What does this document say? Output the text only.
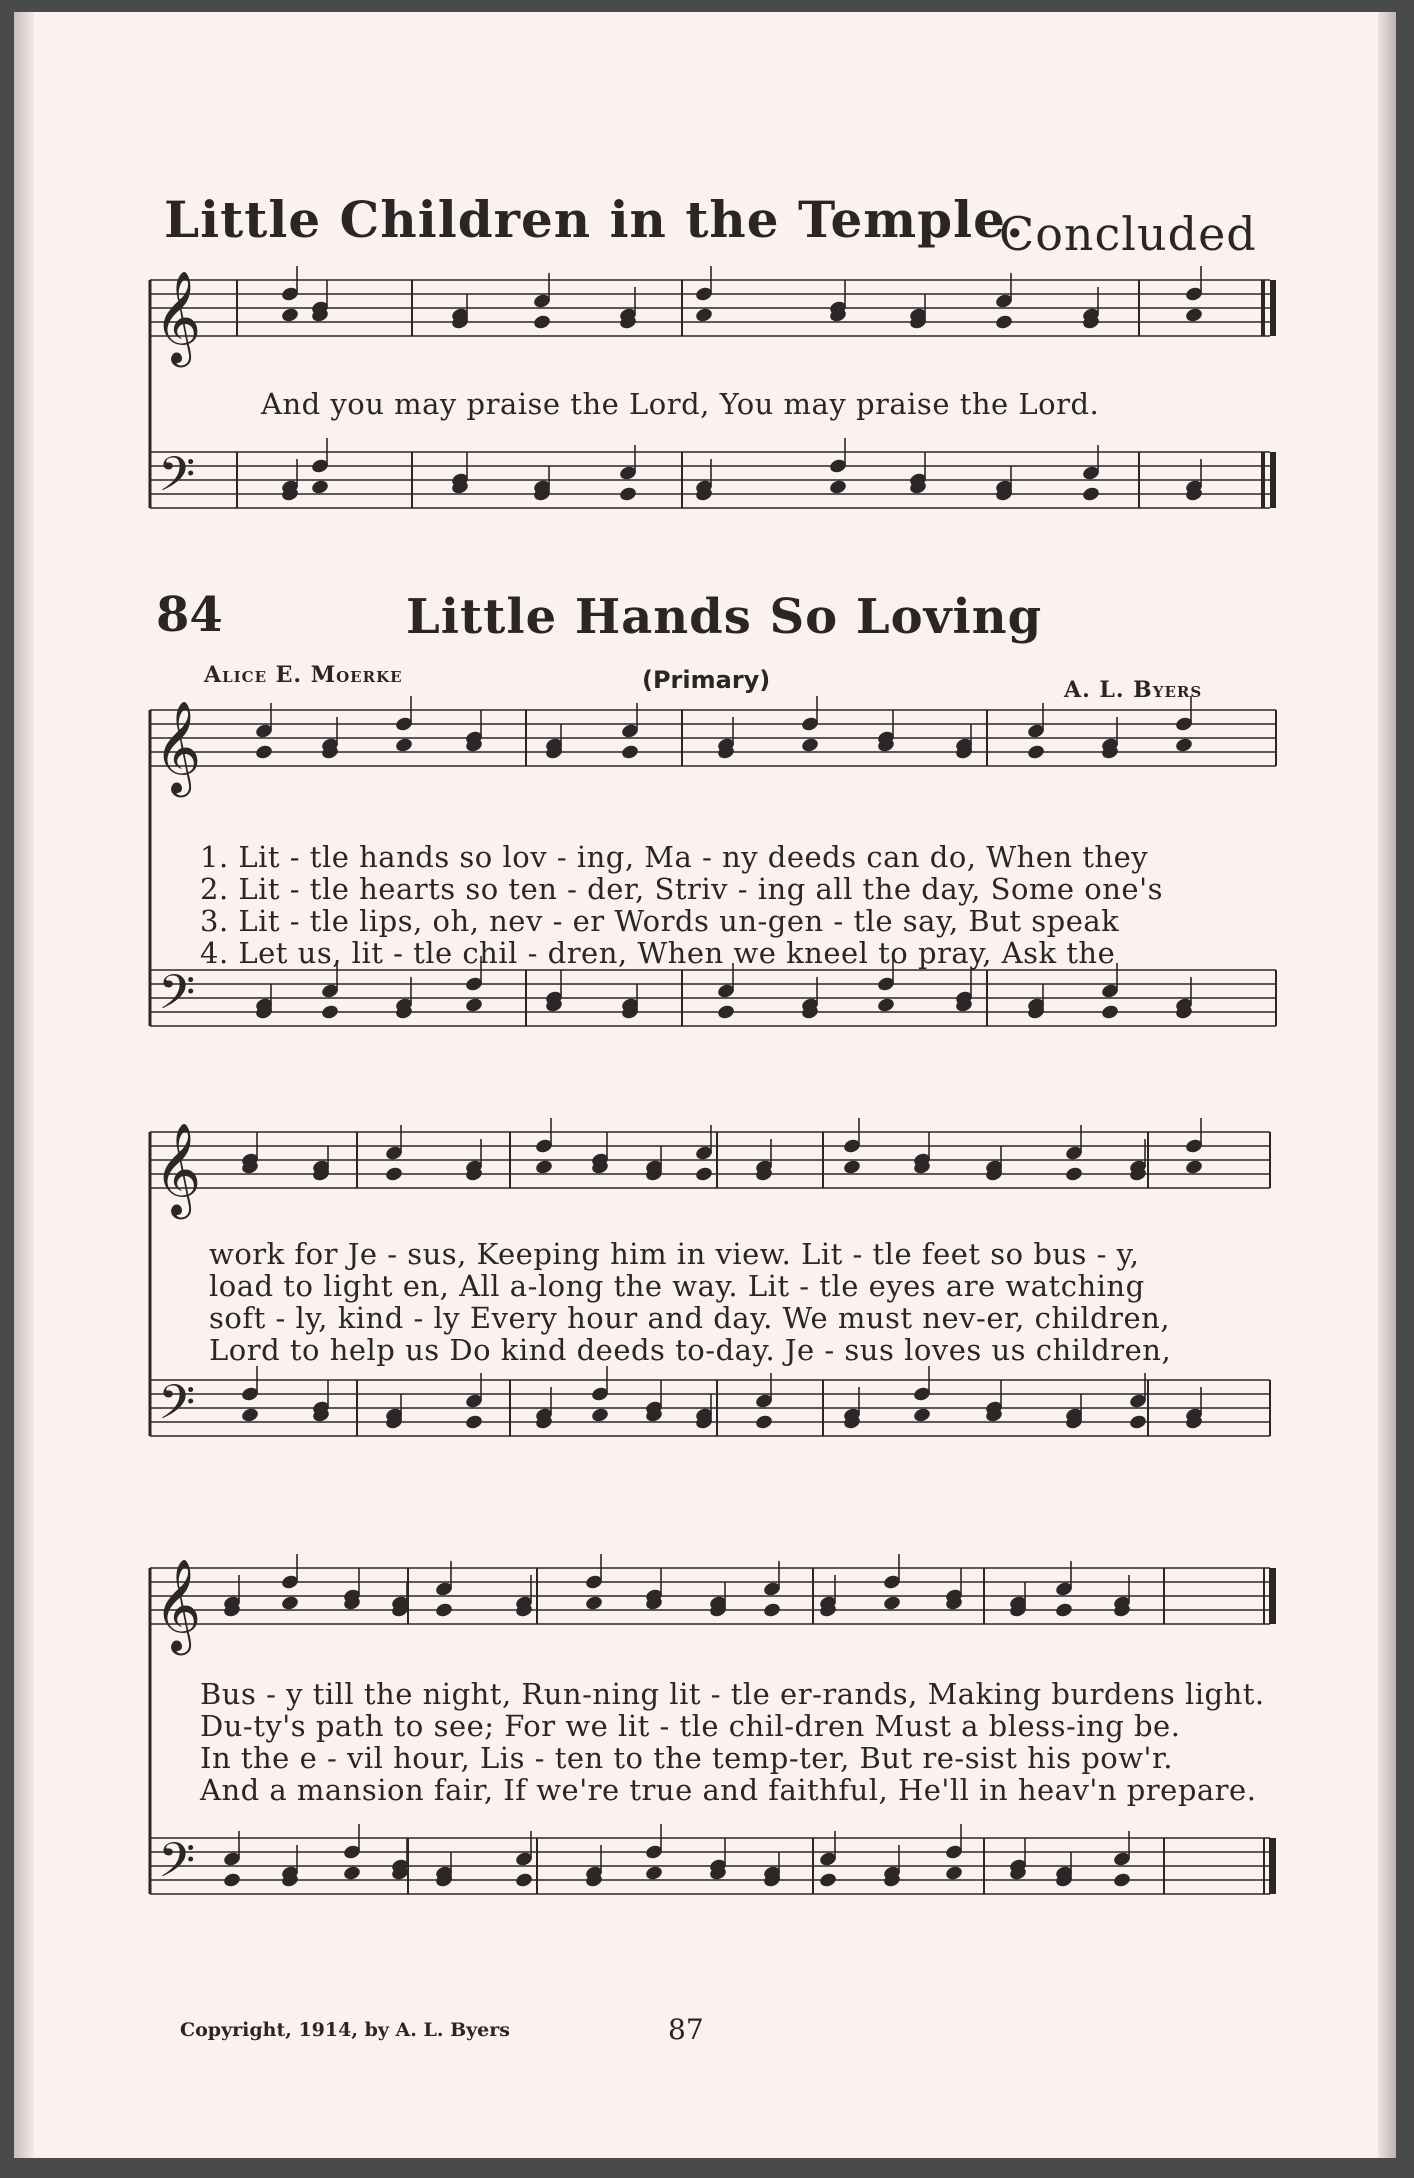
𝄞
𝄢
𝄞
𝄢
𝄞
𝄢
𝄞
𝄢
Little Children in the Temple.
Concluded
And you may praise the Lord, You may praise the Lord.
84	Little Hands So Loving
Alice E. Moerke	(Primary)	A. L. Byers
1. Lit - tle hands so lov - ing, Ma - ny deeds can do, When they
2. Lit - tle hearts so ten - der, Striv - ing all the day, Some one's
3. Lit - tle lips, oh, nev - er Words un-gen - tle say, But speak
4. Let us, lit - tle chil - dren, When we kneel to pray, Ask the
work for Je - sus, Keeping him in view. Lit - tle feet so bus - y,
load to light en, All a-long the way. Lit - tle eyes are watching
soft - ly, kind - ly Every hour and day. We must nev-er, children,
Lord to help us Do kind deeds to-day. Je - sus loves us children,
Bus - y till the night, Run-ning lit - tle er-rands, Making burdens light.
Du-ty's path to see; For we lit - tle chil-dren Must a bless-ing be.
In the e - vil hour, Lis - ten to the temp-ter, But re-sist his pow'r.
And a mansion fair, If we're true and faithful, He'll in heav'n prepare.
Copyright, 1914, by A. L. Byers	87
